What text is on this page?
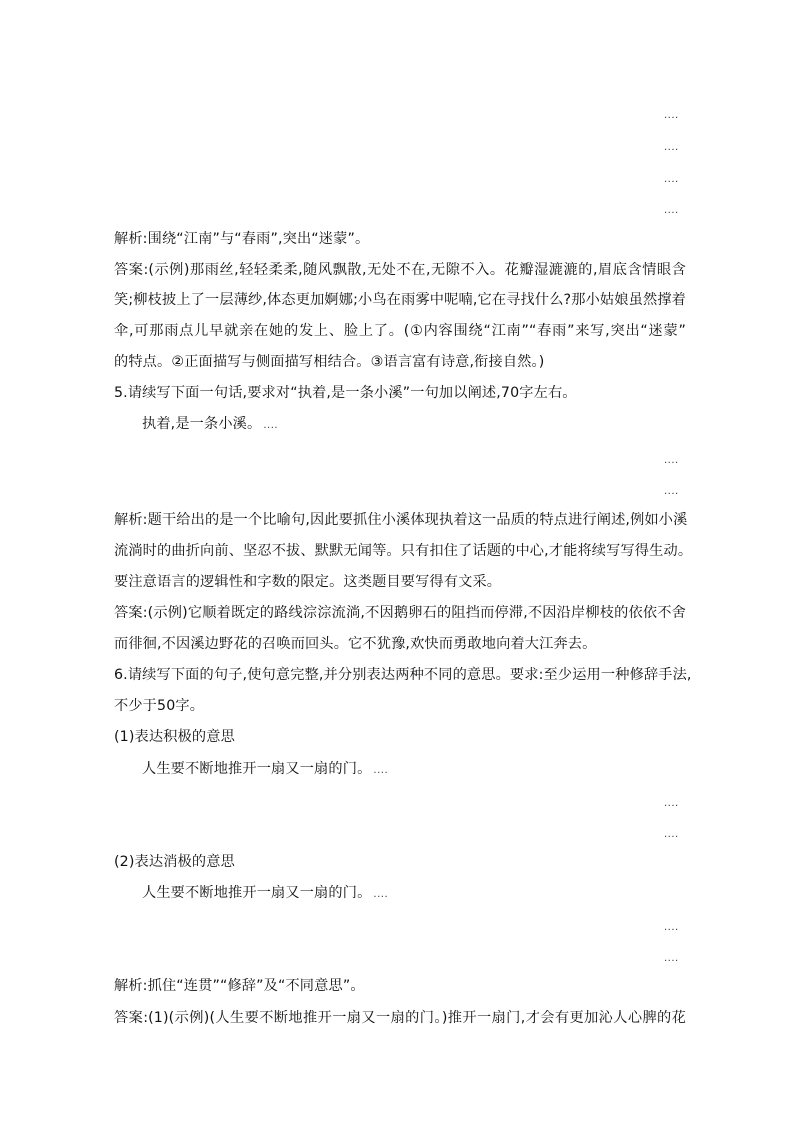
....
....
....
....
解析:围绕“江南”与“春雨”,突出“迷蒙”。
答案:(示例)那雨丝,轻轻柔柔,随风飘散,无处不在,无隙不入。花瓣湿漉漉的,眉底含情眼含
笑;柳枝披上了一层薄纱,体态更加婀娜;小鸟在雨雾中呢喃,它在寻找什么?那小姑娘虽然撑着
伞,可那雨点儿早就亲在她的发上、脸上了。(①内容围绕“江南”“春雨”来写,突出“迷蒙”
的特点。②正面描写与侧面描写相结合。③语言富有诗意,衔接自然。)
5.请续写下面一句话,要求对“执着,是一条小溪”一句加以阐述,70字左右。
执着,是一条小溪。 ....
....
....
解析:题干给出的是一个比喻句,因此要抓住小溪体现执着这一品质的特点进行阐述,例如小溪
流淌时的曲折向前、坚忍不拔、默默无闻等。只有扣住了话题的中心,才能将续写写得生动。
要注意语言的逻辑性和字数的限定。这类题目要写得有文采。
答案:(示例)它顺着既定的路线淙淙流淌,不因鹅卵石的阻挡而停滞,不因沿岸柳枝的依依不舍
而徘徊,不因溪边野花的召唤而回头。它不犹豫,欢快而勇敢地向着大江奔去。
6.请续写下面的句子,使句意完整,并分别表达两种不同的意思。要求:至少运用一种修辞手法,
不少于50字。
(1)表达积极的意思
人生要不断地推开一扇又一扇的门。 ....
....
....
(2)表达消极的意思
人生要不断地推开一扇又一扇的门。 ....
....
....
解析:抓住“连贯”“修辞”及“不同意思”。
答案:(1)(示例)(人生要不断地推开一扇又一扇的门。)推开一扇门,才会有更加沁人心脾的花
